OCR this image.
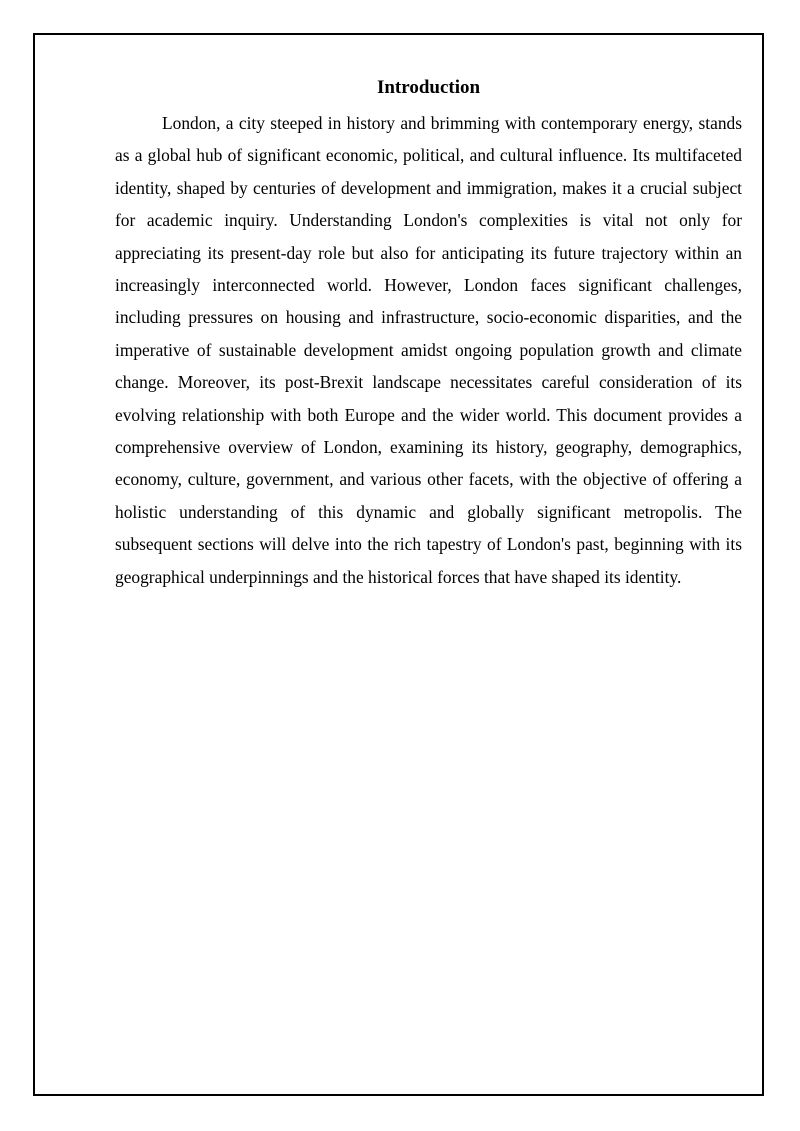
Introduction

London, a city steeped in history and brimming with contemporary energy, stands as a global hub of significant economic, political, and cultural influence. Its multifaceted identity, shaped by centuries of development and immigration, makes it a crucial subject for academic inquiry. Understanding London's complexities is vital not only for appreciating its present-day role but also for anticipating its future trajectory within an increasingly interconnected world. However, London faces significant challenges, including pressures on housing and infrastructure, socio-economic disparities, and the imperative of sustainable development amidst ongoing population growth and climate change. Moreover, its post-Brexit landscape necessitates careful consideration of its evolving relationship with both Europe and the wider world. This document provides a comprehensive overview of London, examining its history, geography, demographics, economy, culture, government, and various other facets, with the objective of offering a holistic understanding of this dynamic and globally significant metropolis. The subsequent sections will delve into the rich tapestry of London's past, beginning with its geographical underpinnings and the historical forces that have shaped its identity.
